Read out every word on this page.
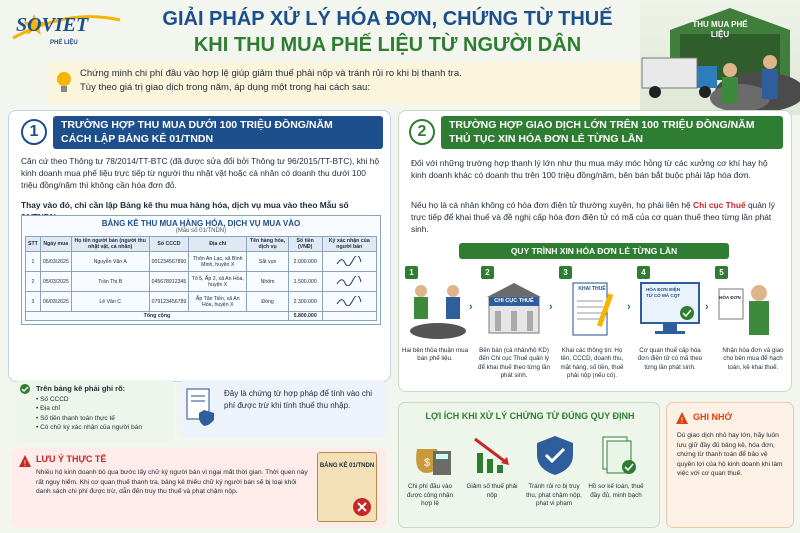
SOVIET
PHẾ LIỆU
GIẢI PHÁP XỬ LÝ HÓA ĐƠN, CHỨNG TỪ THUẾ
KHI THU MUA PHẾ LIỆU TỪ NGƯỜI DÂN
THU MUA PHẾ LIỆU
Chứng minh chi phí đầu vào hợp lệ giúp giảm thuế phải nộp và tránh rủi ro khi bị thanh tra.
Tùy theo giá trị giao dịch trong năm, áp dụng một trong hai cách sau:
1	TRƯỜNG HỢP THU MUA DƯỚI 100 TRIỆU ĐỒNG/NĂM
CÁCH LẬP BẢNG KÊ 01/TNDN
Căn cứ theo Thông tư 78/2014/TT-BTC (đã được sửa đổi bởi Thông tư 96/2015/TT-BTC), khi hộ kinh doanh mua phế liệu trực tiếp từ người thu nhặt vật hoặc cá nhân có doanh thu dưới 100 triệu đồng/năm thì không cần hóa đơn đỏ.
Thay vào đó, chỉ cần lập Bảng kê thu mua hàng hóa, dịch vụ mua vào theo Mẫu số
BẢNG KÊ THU MUA HÀNG HÓA, DỊCH VỤ MUA VÀO
(Mẫu số 01/TNDN)
STT	Ngày mua	Họ tên người bán (người thu nhặt vật, cá nhân)	Số CCCD	Địa chỉ	Tên hàng hóa, dịch vụ	Số tiền (VNĐ)	Ký xác nhận của người bán
1	05/03/2025	Nguyễn Văn A	001234567890	Thôn An Lạc, xã Bình Minh, huyện X	Sắt vụn	2.000.000	
2	05/03/2025	Trần Thị B	045678912345	Tổ 5, Ấp 2, xã An Hòa, huyện X	Nhôm	1.500.000	
3	06/03/2025	Lê Văn C	079123456789	Ấp Tân Tiến, xã An Hòa, huyện X	Đồng	2.300.000	
Tổng cộng						5.800.000	
Trên bảng kê phải ghi rõ:
• Số CCCD
• Địa chỉ
• Số tiền thanh toán thực tế
• Có chữ ký xác nhận của người bán
Đây là chứng từ hợp pháp để tính vào chi phí được trừ khi tính thuế thu nhập.
! LƯU Ý THỰC TẾ
Nhiều hộ kinh doanh bỏ qua bước lấy chữ ký người bán vì ngại mất thời gian. Thời quen này rất nguy hiểm. Khi cơ quan thuế thanh tra, bảng kê thiếu chữ ký người bán sẽ bị loại khỏi danh sách chi phí được trừ, dẫn đến truy thu thuế và phạt chậm nộp.
BẢNG KÊ 01/TNDN
2	TRƯỜNG HỢP GIAO DỊCH LỚN TRÊN 100 TRIỆU ĐỒNG/NĂM
THỦ TỤC XIN HÓA ĐƠN LẺ TỪNG LẦN
Đối với những trường hợp thanh lý lớn như thu mua máy móc hỏng từ các xưởng cơ khí hay hộ kinh doanh khác có doanh thu trên 100 triệu đồng/năm, bên bán bắt buộc phải lập hóa đơn.
Nếu họ là cá nhân không có hóa đơn điện tử thường xuyên, họ phải liên hệ Chi cục Thuế quản lý trực tiếp để khai thuế và đề nghị cấp hóa đơn điện tử có mã của cơ quan thuế theo từng lần phát sinh.
QUY TRÌNH XIN HÓA ĐƠN LẺ TỪNG LẦN
1
Hai bên thỏa thuận mua bán phế liệu.
›
2
CHI CỤC THUẾ
Bên bán (cá nhân/hộ KD) đến Chi cục Thuế quản lý để khai thuế theo từng lần phát sinh.
›
3
KHAI THUẾ
Khai các thông tin: Họ tên, CCCD, doanh thu, mặt hàng, số tiền, thuế phải nộp (nếu có).
›
4
HÓA ĐƠN ĐIỆN TỬ CÓ MÃ CQT
Cơ quan thuế cấp hóa đơn điện tử có mã theo từng lần phát sinh.
›
5
HÓA ĐƠN
Nhận hóa đơn và giao cho bên mua để hạch toán, kê khai thuế.
LỢI ÍCH KHI XỬ LÝ CHỨNG TỪ ĐÚNG QUY ĐỊNH
$
Chi phí đầu vào được công nhận hợp lệ
Giảm số thuế phải nộp
Tránh rủi ro bị truy thu, phạt chậm nộp, phạt vi phạm
Hồ sơ kế toán, thuế đầy đủ, minh bạch
! GHI NHỚ
Dù giao dịch nhỏ hay lớn, hãy luôn lưu giữ đầy đủ bảng kê, hóa đơn, chứng từ thanh toán để bảo vệ quyền lợi của hộ kinh doanh khi làm việc với cơ quan thuế.
